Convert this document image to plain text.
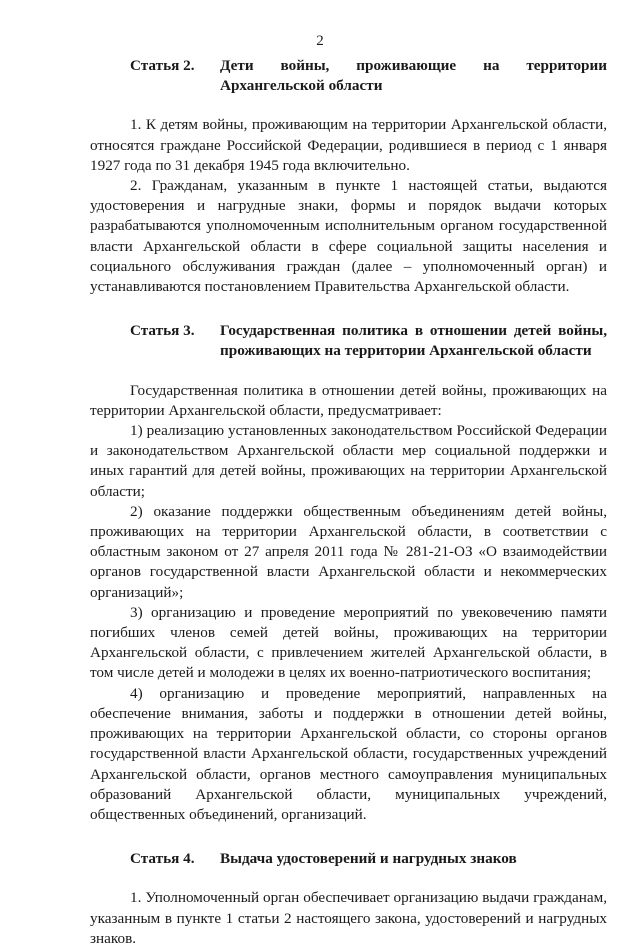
2
Статья 2.	Дети войны, проживающие на территории Архангельской области

1. К детям войны, проживающим на территории Архангельской области, относятся граждане Российской Федерации, родившиеся в период с 1 января 1927 года по 31 декабря 1945 года включительно.

2. Гражданам, указанным в пункте 1 настоящей статьи, выдаются удостоверения и нагрудные знаки, формы и порядок выдачи которых разрабатываются уполномоченным исполнительным органом государственной власти Архангельской области в сфере социальной защиты населения и социального обслуживания граждан (далее – уполномоченный орган) и устанавливаются постановлением Правительства Архангельской области.

Статья 3.	Государственная политика в отношении детей войны, проживающих на территории Архангельской области

Государственная политика в отношении детей войны, проживающих на территории Архангельской области, предусматривает:

1) реализацию установленных законодательством Российской Федерации и законодательством Архангельской области мер социальной поддержки и иных гарантий для детей войны, проживающих на территории Архангельской области;

2) оказание поддержки общественным объединениям детей войны, проживающих на территории Архангельской области, в соответствии с областным законом от 27 апреля 2011 года № 281-21-ОЗ «О взаимодействии органов государственной власти Архангельской области и некоммерческих организаций»;

3) организацию и проведение мероприятий по увековечению памяти погибших членов семей детей войны, проживающих на территории Архангельской области, с привлечением жителей Архангельской области, в том числе детей и молодежи в целях их военно-патриотического воспитания;

4) организацию и проведение мероприятий, направленных на обеспечение внимания, заботы и поддержки в отношении детей войны, проживающих на территории Архангельской области, со стороны органов государственной власти Архангельской области, государственных учреждений Архангельской области, органов местного самоуправления муниципальных образований Архангельской области, муниципальных учреждений, общественных объединений, организаций.

Статья 4.	Выдача удостоверений и нагрудных знаков

1. Уполномоченный орган обеспечивает организацию выдачи гражданам, указанным в пункте 1 статьи 2 настоящего закона, удостоверений и нагрудных знаков.
